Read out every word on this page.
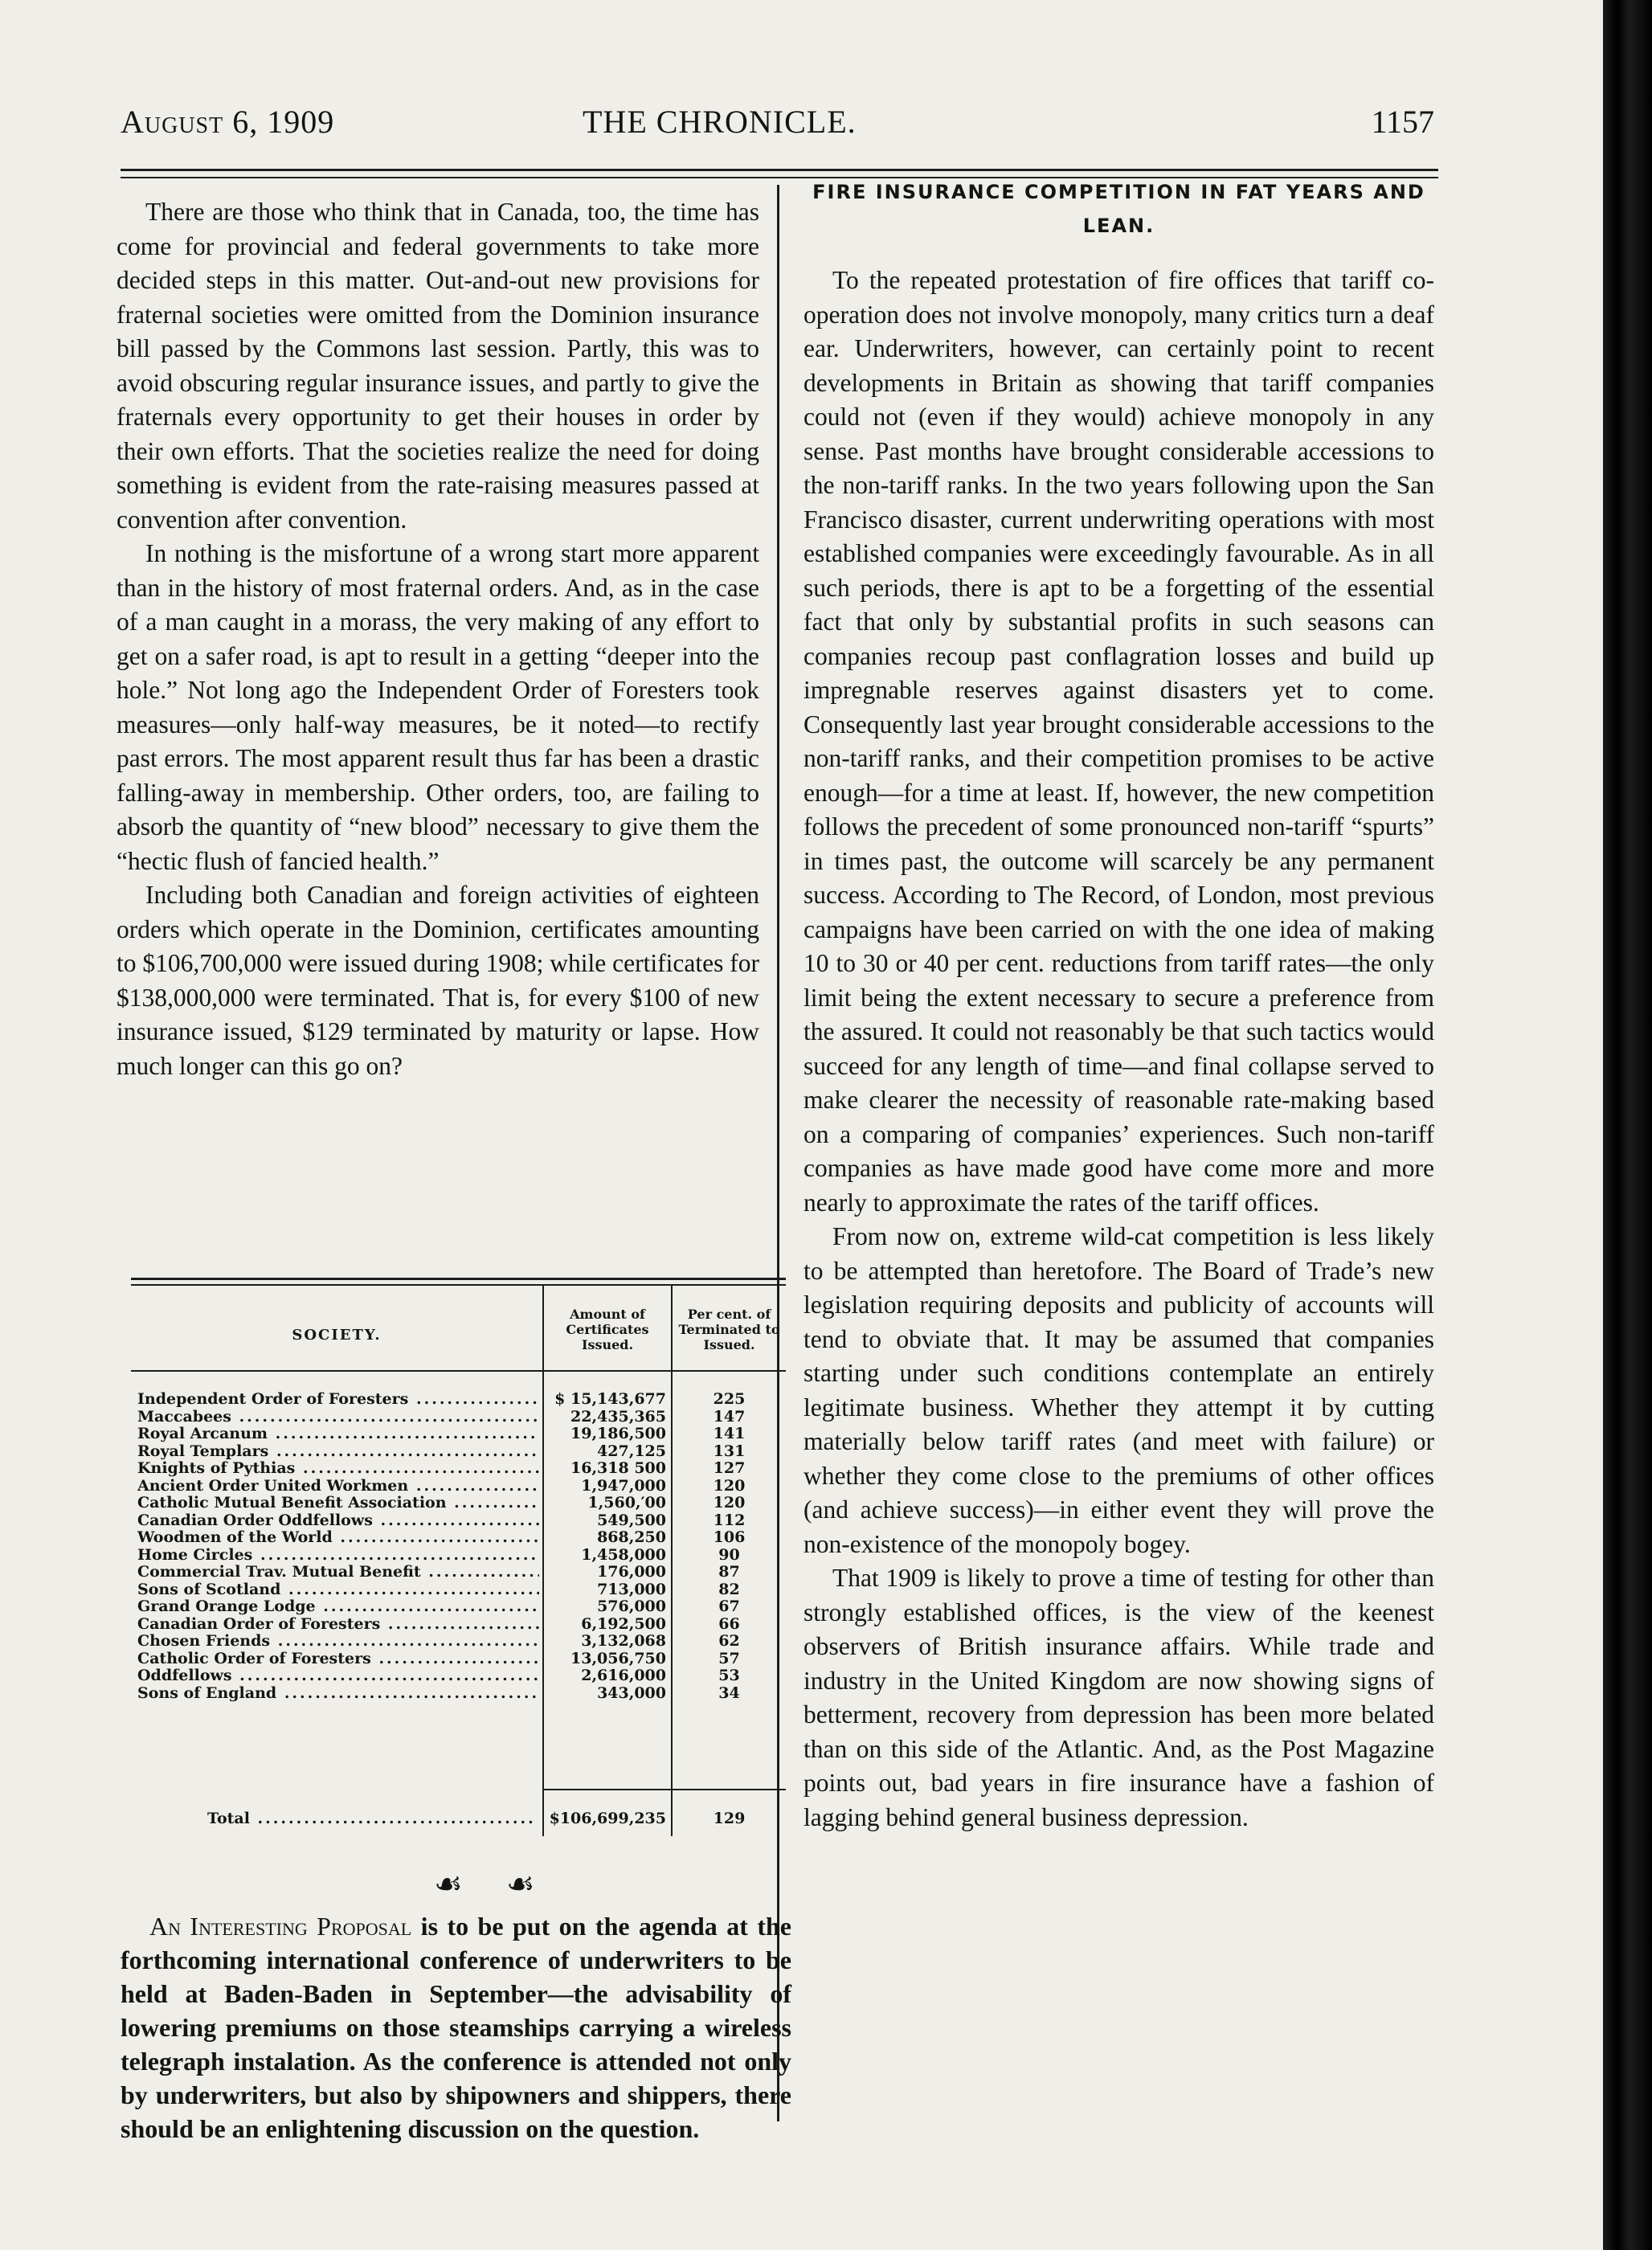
August 6, 1909	THE CHRONICLE.	1157

There are those who think that in Canada, too, the time has come for provincial and federal governments to take more decided steps in this matter. Out-and-out new provisions for fraternal societies were omitted from the Dominion insurance bill passed by the Commons last session. Partly, this was to avoid obscuring regular insurance issues, and partly to give the fraternals every opportunity to get their houses in order by their own efforts. That the societies realize the need for doing something is evident from the rate-raising measures passed at convention after convention.

In nothing is the misfortune of a wrong start more apparent than in the history of most fraternal orders. And, as in the case of a man caught in a morass, the very making of any effort to get on a safer road, is apt to result in a getting “deeper into the hole.” Not long ago the Independent Order of Foresters took measures—only half-way measures, be it noted—to rectify past errors. The most apparent result thus far has been a drastic falling-away in membership. Other orders, too, are failing to absorb the quantity of “new blood” necessary to give them the “hectic flush of fancied health.”

Including both Canadian and foreign activities of eighteen orders which operate in the Dominion, certificates amounting to $106,700,000 were issued during 1908; while certificates for $138,000,000 were terminated. That is, for every $100 of new insurance issued, $129 terminated by maturity or lapse. How much longer can this go on?

SOCIETY.
Amount of Certificates Issued.
Per cent. of Terminated to Issued.
Independent Order of Foresters .....	$ 15,143,677	225
Maccabees .....	22,435,365	147
Royal Arcanum .....	19,186,500	141
Royal Templars .....	427,125	131
Knights of Pythias .....	16,318 500	127
Ancient Order United Workmen .....	1,947,000	120
Catholic Mutual Benefit Association .....	1,560,′00	120
Canadian Order Oddfellows .....	549,500	112
Woodmen of the World .....	868,250	106
Home Circles .....	1,458,000	90
Commercial Trav. Mutual Benefit .....	176,000	87
Sons of Scotland .....	713,000	82
Grand Orange Lodge .....	576,000	67
Canadian Order of Foresters .....	6,192,500	66
Chosen Friends .....	3,132,068	62
Catholic Order of Foresters .....	13,056,750	57
Oddfellows .....	2,616,000	53
Sons of England .....	343,000	34
Total .....	$106,699,235	129
☙ ☙

An Interesting Proposal is to be put on the agenda at the forthcoming international conference of underwriters to be held at Baden-Baden in September—the advisability of lowering premiums on those steamships carrying a wireless telegraph instalation. As the conference is attended not only by underwriters, but also by shipowners and shippers, there should be an enlightening discussion on the question.

FIRE INSURANCE COMPETITION IN FAT YEARS AND LEAN.

To the repeated protestation of fire offices that tariff co-operation does not involve monopoly, many critics turn a deaf ear. Underwriters, however, can certainly point to recent developments in Britain as showing that tariff companies could not (even if they would) achieve monopoly in any sense. Past months have brought considerable accessions to the non-tariff ranks. In the two years following upon the San Francisco disaster, current underwriting operations with most established companies were exceedingly favourable. As in all such periods, there is apt to be a forgetting of the essential fact that only by substantial profits in such seasons can companies recoup past conflagration losses and build up impregnable reserves against disasters yet to come. Consequently last year brought considerable accessions to the non-tariff ranks, and their competition promises to be active enough—for a time at least. If, however, the new competition follows the precedent of some pronounced non-tariff “spurts” in times past, the outcome will scarcely be any permanent success. According to The Record, of London, most previous campaigns have been carried on with the one idea of making 10 to 30 or 40 per cent. reductions from tariff rates—the only limit being the extent necessary to secure a preference from the assured. It could not reasonably be that such tactics would succeed for any length of time—and final collapse served to make clearer the necessity of reasonable rate-making based on a comparing of companies’ experiences. Such non-tariff companies as have made good have come more and more nearly to approximate the rates of the tariff offices.

From now on, extreme wild-cat competition is less likely to be attempted than heretofore. The Board of Trade’s new legislation requiring deposits and publicity of accounts will tend to obviate that. It may be assumed that companies starting under such conditions contemplate an entirely legitimate business. Whether they attempt it by cutting materially below tariff rates (and meet with failure) or whether they come close to the premiums of other offices (and achieve success)—in either event they will prove the non-existence of the monopoly bogey.

That 1909 is likely to prove a time of testing for other than strongly established offices, is the view of the keenest observers of British insurance affairs. While trade and industry in the United Kingdom are now showing signs of betterment, recovery from depression has been more belated than on this side of the Atlantic. And, as the Post Magazine points out, bad years in fire insurance have a fashion of lagging behind general business depression.
